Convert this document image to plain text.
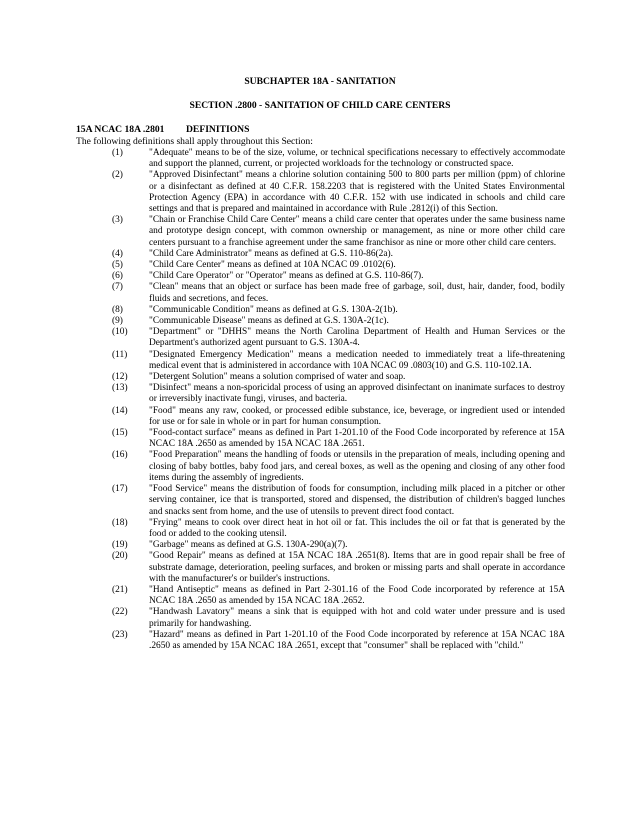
SUBCHAPTER 18A - SANITATION
SECTION .2800 - SANITATION OF CHILD CARE CENTERS
15A NCAC 18A .2801 DEFINITIONS
The following definitions shall apply throughout this Section:
(1)	"Adequate" means to be of the size, volume, or technical specifications necessary to effectively accommodate and support the planned, current, or projected workloads for the technology or constructed space.
(2)	"Approved Disinfectant" means a chlorine solution containing 500 to 800 parts per million (ppm) of chlorine or a disinfectant as defined at 40 C.F.R. 158.2203 that is registered with the United States Environmental Protection Agency (EPA) in accordance with 40 C.F.R. 152 with use indicated in schools and child care settings and that is prepared and maintained in accordance with Rule .2812(i) of this Section.
(3)	"Chain or Franchise Child Care Center" means a child care center that operates under the same business name and prototype design concept, with common ownership or management, as nine or more other child care centers pursuant to a franchise agreement under the same franchisor as nine or more other child care centers.
(4)	"Child Care Administrator" means as defined at G.S. 110-86(2a).
(5)	"Child Care Center" means as defined at 10A NCAC 09 .0102(6).
(6)	"Child Care Operator" or "Operator" means as defined at G.S. 110-86(7).
(7)	"Clean" means that an object or surface has been made free of garbage, soil, dust, hair, dander, food, bodily fluids and secretions, and feces.
(8)	"Communicable Condition" means as defined at G.S. 130A-2(1b).
(9)	"Communicable Disease" means as defined at G.S. 130A-2(1c).
(10)	"Department" or "DHHS" means the North Carolina Department of Health and Human Services or the Department's authorized agent pursuant to G.S. 130A-4.
(11)	"Designated Emergency Medication" means a medication needed to immediately treat a life-threatening medical event that is administered in accordance with 10A NCAC 09 .0803(10) and G.S. 110-102.1A.
(12)	"Detergent Solution" means a solution comprised of water and soap.
(13)	"Disinfect" means a non-sporicidal process of using an approved disinfectant on inanimate surfaces to destroy or irreversibly inactivate fungi, viruses, and bacteria.
(14)	"Food" means any raw, cooked, or processed edible substance, ice, beverage, or ingredient used or intended for use or for sale in whole or in part for human consumption.
(15)	"Food-contact surface" means as defined in Part 1-201.10 of the Food Code incorporated by reference at 15A NCAC 18A .2650 as amended by 15A NCAC 18A .2651.
(16)	"Food Preparation" means the handling of foods or utensils in the preparation of meals, including opening and closing of baby bottles, baby food jars, and cereal boxes, as well as the opening and closing of any other food items during the assembly of ingredients.
(17)	"Food Service" means the distribution of foods for consumption, including milk placed in a pitcher or other serving container, ice that is transported, stored and dispensed, the distribution of children's bagged lunches and snacks sent from home, and the use of utensils to prevent direct food contact.
(18)	"Frying" means to cook over direct heat in hot oil or fat. This includes the oil or fat that is generated by the food or added to the cooking utensil.
(19)	"Garbage" means as defined at G.S. 130A-290(a)(7).
(20)	"Good Repair" means as defined at 15A NCAC 18A .2651(8). Items that are in good repair shall be free of substrate damage, deterioration, peeling surfaces, and broken or missing parts and shall operate in accordance with the manufacturer's or builder's instructions.
(21)	"Hand Antiseptic" means as defined in Part 2-301.16 of the Food Code incorporated by reference at 15A NCAC 18A .2650 as amended by 15A NCAC 18A .2652.
(22)	"Handwash Lavatory" means a sink that is equipped with hot and cold water under pressure and is used primarily for handwashing.
(23)	"Hazard" means as defined in Part 1-201.10 of the Food Code incorporated by reference at 15A NCAC 18A .2650 as amended by 15A NCAC 18A .2651, except that "consumer" shall be replaced with "child."
